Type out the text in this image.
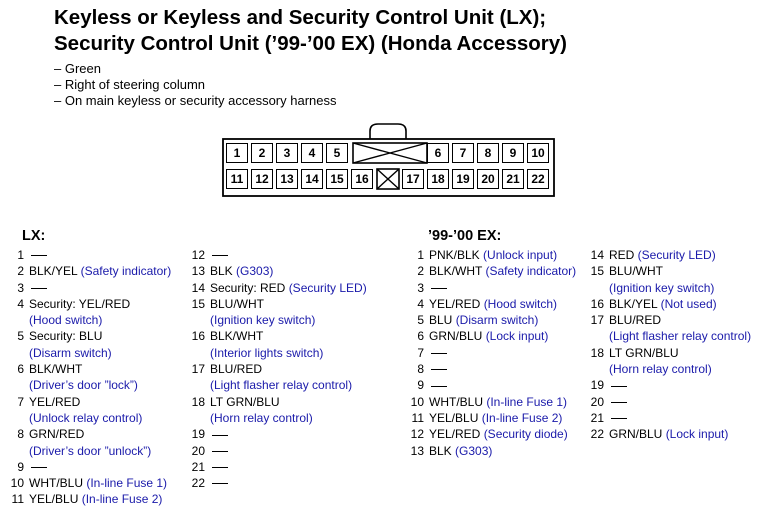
Keyless or Keyless and Security Control Unit (LX);
Security Control Unit (’99-’00 EX) (Honda Accessory)
– Green
– Right of steering column
– On main keyless or security accessory harness
1	2	3	4	5	6	7	8	9	10
11 12 13 14 15 16	17 18 19 20 21 22
LX:	’99-’00 EX:
1
2 BLK/YEL (Safety indicator)
3
4 Security: YEL/RED
(Hood switch)
5 Security: BLU
(Disarm switch)
6 BLK/WHT
(Driver’s door ”lock”)
7 YEL/RED
(Unlock relay control)
8 GRN/RED
(Driver’s door ”unlock”)
9
10 WHT/BLU (In-line Fuse 1)
11 YEL/BLU (In-line Fuse 2)
12
13 BLK (G303)
14 Security: RED (Security LED)
15 BLU/WHT
(Ignition key switch)
16 BLK/WHT
(Interior lights switch)
17 BLU/RED
(Light flasher relay control)
18 LT GRN/BLU
(Horn relay control)
19
20
21
22
1 PNK/BLK (Unlock input)
2 BLK/WHT (Safety indicator)
3
4 YEL/RED (Hood switch)
5 BLU (Disarm switch)
6 GRN/BLU (Lock input)
7
8
9
10 WHT/BLU (In-line Fuse 1)
11 YEL/BLU (In-line Fuse 2)
12 YEL/RED (Security diode)
13 BLK (G303)
14 RED (Security LED)
15 BLU/WHT
(Ignition key switch)
16 BLK/YEL (Not used)
17 BLU/RED
(Light flasher relay control)
18 LT GRN/BLU
(Horn relay control)
19
20
21
22 GRN/BLU (Lock input)
